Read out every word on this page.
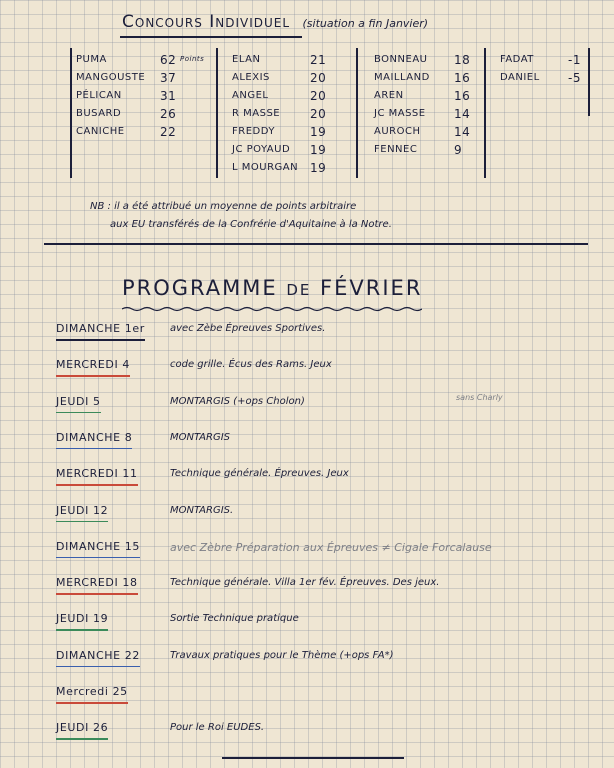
Concours Individuel (situation a fin Janvier)
PUMA	62 Points
MANGOUSTE 37
PÉLICAN	31
BUSARD	26
CANICHE	22
ELAN	21
ALEXIS	20
ANGEL	20
R MASSE 20
FREDDY	19
JC POYAUD 19
L MOURGAN 19
BONNEAU 18
MAILLAND 16
AREN	16
JC MASSE 14
AUROCH	14
FENNEC	9
FADAT	-1
DANIEL -5
NB : il a été attribué un moyenne de points arbitraire
aux EU transférés de la Confrérie d'Aquitaine à la Notre.
PROGRAMME de FÉVRIER
DIMANCHE 1er	avec Zèbe Épreuves Sportives.
MERCREDI 4	code grille. Écus des Rams. Jeux
JEUDI 5	MONTARGIS (+ops Cholon)	sans Charly
DIMANCHE 8	MONTARGIS
MERCREDI 11	Technique générale. Épreuves. Jeux
JEUDI 12	MONTARGIS.
DIMANCHE 15	avec Zèbre Préparation aux Épreuves ≠ Cigale Forcalause
MERCREDI 18	Technique générale. Villa 1er fév. Épreuves. Des jeux.
JEUDI 19	Sortie Technique pratique
DIMANCHE 22	Travaux pratiques pour le Thème (+ops FA*)
Mercredi 25
JEUDI 26	Pour le Roi EUDES.
